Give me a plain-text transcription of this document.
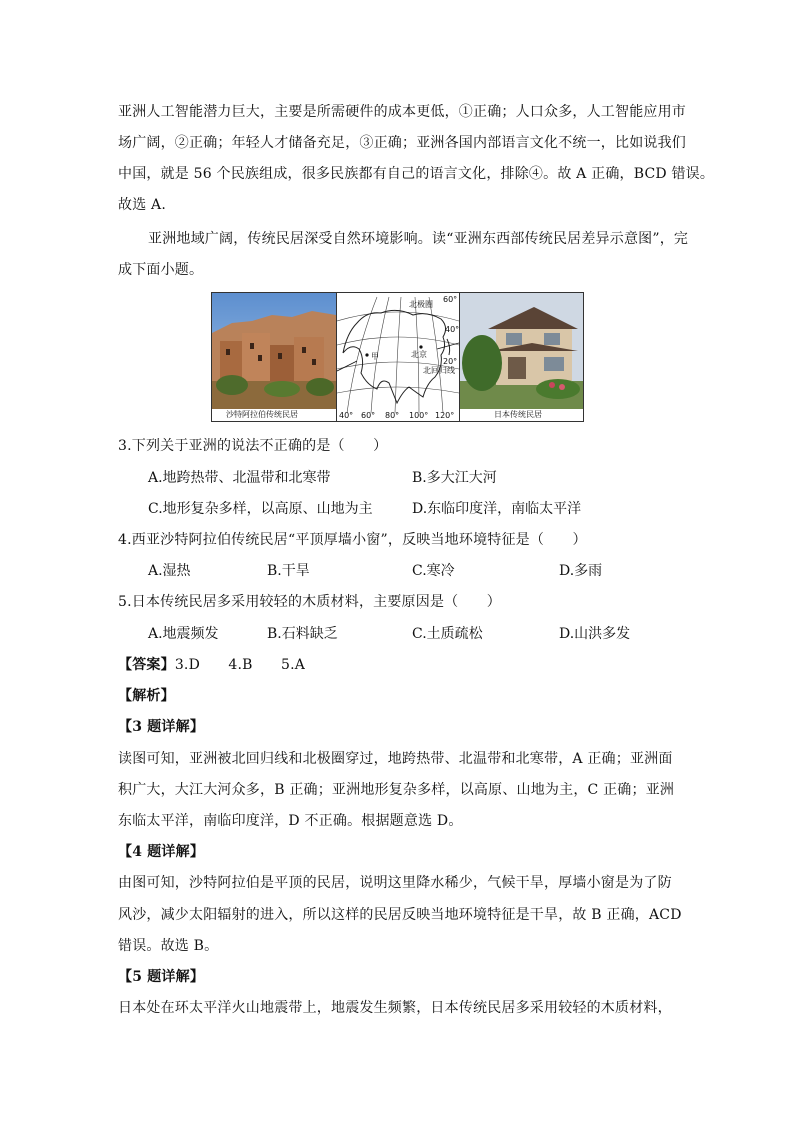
亚洲人工智能潜力巨大，主要是所需硬件的成本更低，①正确；人口众多，人工智能应用市
场广阔，②正确；年轻人才储备充足，③正确；亚洲各国内部语言文化不统一，比如说我们
中国，就是 56 个民族组成，很多民族都有自己的语言文化，排除④。故 A 正确，BCD 错误。
故选 A.
亚洲地域广阔，传统民居深受自然环境影响。读“亚洲东西部传统民居差异示意图”，完
成下面小题。
沙特阿拉伯传统民居
北极圈
60°
40°
20°
北京
甲
北回归线
40° 60° 80° 100° 120°	日本传统民居
3.下列关于亚洲的说法不正确的是（　　）
A.地跨热带、北温带和北寒带	B.多大江大河
C.地形复杂多样，以高原、山地为主	D.东临印度洋，南临太平洋
4.西亚沙特阿拉伯传统民居“平顶厚墙小窗”，反映当地环境特征是（　　）
A.湿热	B.干旱	C.寒冷	D.多雨
5.日本传统民居多采用较轻的木质材料，主要原因是（　　）
A.地震频发	B.石料缺乏	C.土质疏松	D.山洪多发
【答案】3.D　　4.B　　5.A
【解析】
【3 题详解】
读图可知，亚洲被北回归线和北极圈穿过，地跨热带、北温带和北寒带，A 正确；亚洲面
积广大，大江大河众多，B 正确；亚洲地形复杂多样，以高原、山地为主，C 正确；亚洲
东临太平洋，南临印度洋，D 不正确。根据题意选 D。
【4 题详解】
由图可知，沙特阿拉伯是平顶的民居，说明这里降水稀少，气候干旱，厚墙小窗是为了防
风沙，减少太阳辐射的进入，所以这样的民居反映当地环境特征是干旱，故 B 正确，ACD
错误。故选 B。
【5 题详解】
日本处在环太平洋火山地震带上，地震发生频繁，日本传统民居多采用较轻的木质材料，
